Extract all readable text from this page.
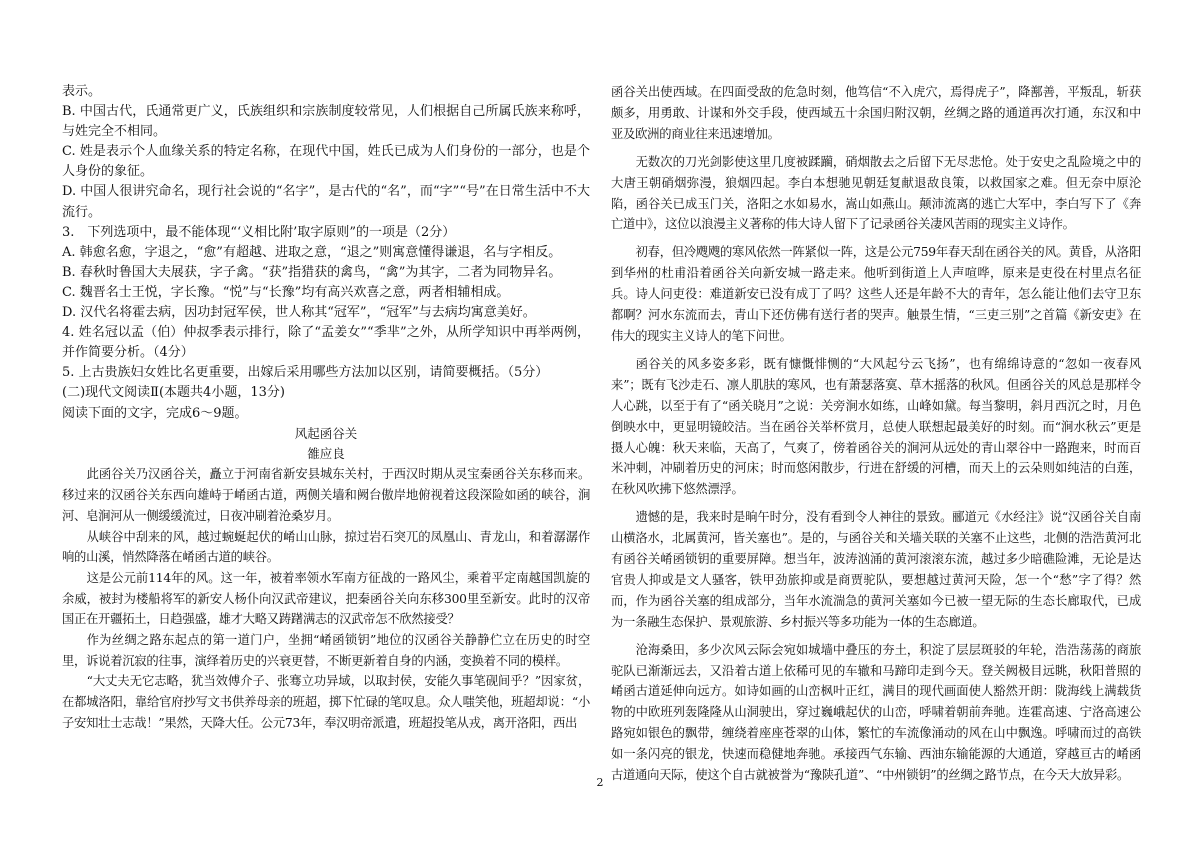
表示。

B. 中国古代，氏通常更广义，氏族组织和宗族制度较常见，人们根据自己所属氏族来称呼，与姓完全不相同。

C. 姓是表示个人血缘关系的特定名称，在现代中国，姓氏已成为人们身份的一部分，也是个人身份的象征。

D. 中国人很讲究命名，现行社会说的“名字”，是古代的“名”，而“字”“号”在日常生活中不大流行。

3.　下列选项中，最不能体现“‘义相比附’取字原则”的一项是（2分）

A. 韩愈名愈，字退之，“愈”有超越、进取之意，“退之”则寓意懂得谦退，名与字相反。

B. 春秋时鲁国大夫展获，字子禽。“获”指猎获的禽鸟，“禽”为其字，二者为同物异名。

C. 魏晋名士王悦，字长豫。“悦”与“长豫”均有高兴欢喜之意，两者相辅相成。

D. 汉代名将霍去病，因功封冠军侯，世人称其“冠军”，“冠军”与去病均寓意美好。

4. 姓名冠以孟（伯）仲叔季表示排行，除了“孟姜女”“季芈”之外，从所学知识中再举两例，并作简要分析。（4分）

5. 上古贵族妇女姓比名更重要，出嫁后采用哪些方法加以区别，请简要概括。（5分）

(二)现代文阅读Ⅱ(本题共4小题，13分)

阅读下面的文字，完成6～9题。

风起函谷关

雒应良

此函谷关乃汉函谷关，矗立于河南省新安县城东关村，于西汉时期从灵宝秦函谷关东移而来。移过来的汉函谷关东西向雄峙于崤函古道，两侧关墙和阙台傲岸地俯视着这段深险如函的峡谷，涧河、皂涧河从一侧缓缓流过，日夜冲刷着沧桑岁月。

从峡谷中刮来的风，越过蜿蜒起伏的崤山山脉，掠过岩石突兀的凤凰山、青龙山，和着潺潺作响的山溪，悄然降落在崤函古道的峡谷。

这是公元前114年的风。这一年，被着率领水军南方征战的一路风尘，乘着平定南越国凯旋的余威，被封为楼船将军的新安人杨仆向汉武帝建议，把秦函谷关向东移300里至新安。此时的汉帝国正在开疆拓土，日趋强盛，雄才大略又踌躇满志的汉武帝怎不欣然接受？

作为丝绸之路东起点的第一道门户，坐拥“崤函锁钥”地位的汉函谷关静静伫立在历史的时空里，诉说着沉寂的往事，演绎着历史的兴衰更替，不断更新着自身的内涵，变换着不同的模样。

“大丈夫无它志略，犹当效傅介子、张骞立功异域，以取封侯，安能久事笔砚间乎？”因家贫，在都城洛阳，靠给官府抄写文书供养母亲的班超，掷下忙碌的笔叹息。众人嗤笑他，班超却说：“小子安知壮士志哉！”果然，天降大任。公元73年，奉汉明帝派遣，班超投笔从戎，离开洛阳，西出

函谷关出使西域。在四面受敌的危急时刻，他笃信“不入虎穴，焉得虎子”，降鄯善，平叛乱，斩获颇多，用勇敢、计谋和外交手段，使西域五十余国归附汉朝，丝绸之路的通道再次打通，东汉和中亚及欧洲的商业往来迅速增加。

无数次的刀光剑影使这里几度被蹂躏，硝烟散去之后留下无尽悲怆。处于安史之乱险境之中的大唐王朝硝烟弥漫，狼烟四起。李白本想驰见朝廷复献退敌良策，以救国家之难。但无奈中原沦陷，函谷关已成玉门关，洛阳之水如易水，嵩山如燕山。颠沛流离的逃亡大军中，李白写下了《奔亡道中》，这位以浪漫主义著称的伟大诗人留下了记录函谷关凄风苦雨的现实主义诗作。

初春，但冷飕飕的寒风依然一阵紧似一阵，这是公元759年春天刮在函谷关的风。黄昏，从洛阳到华州的杜甫沿着函谷关向新安城一路走来。他听到街道上人声喧哗，原来是吏役在村里点名征兵。诗人问吏役：难道新安已没有成丁了吗？这些人还是年龄不大的青年，怎么能让他们去守卫东都啊？河水东流而去，青山下还仿佛有送行者的哭声。触景生情，“三吏三别”之首篇《新安吏》在伟大的现实主义诗人的笔下问世。

函谷关的风多姿多彩，既有慷慨悱恻的“大风起兮云飞扬”，也有绵绵诗意的“忽如一夜春风来”；既有飞沙走石、凛人肌肤的寒风，也有萧瑟落寞、草木摇落的秋风。但函谷关的风总是那样令人心跳，以至于有了“函关晓月”之说：关旁涧水如练，山峰如黛。每当黎明，斜月西沉之时，月色倒映水中，更显明镜皎洁。当在函谷关举杯赏月，总使人联想起最美好的时刻。而“涧水秋云”更是摄人心魄：秋天来临，天高了，气爽了，傍着函谷关的涧河从远处的青山翠谷中一路跑来，时而百米冲刺，冲刷着历史的河床；时而悠闲散步，行进在舒缓的河槽，而天上的云朵则如纯洁的白莲，在秋风吹拂下悠然漂浮。

遗憾的是，我来时是晌午时分，没有看到令人神往的景致。郦道元《水经注》说“汉函谷关自南山横洛水，北属黄河，皆关塞也”。是的，与函谷关和关墙关联的关塞不止这些，北侧的浩浩黄河北有函谷关崤函锁钥的重要屏障。想当年，波涛汹涌的黄河滚滚东流，越过多少暗礁险滩，无论是达官贵人抑或是文人骚客，铁甲劲旅抑或是商贾驼队，要想越过黄河天险，怎一个“愁”字了得？然而，作为函谷关塞的组成部分，当年水流湍急的黄河关塞如今已被一望无际的生态长廊取代，已成为一条融生态保护、景观旅游、乡村振兴等多功能为一体的生态廊道。

沧海桑田，多少次风云际会宛如城墙中叠压的夯土，积淀了层层斑驳的年轮，浩浩荡荡的商旅驼队已渐渐远去，又沿着古道上依稀可见的车辙和马蹄印走到今天。登关阙极目远眺，秋阳普照的崤函古道延伸向远方。如诗如画的山峦枫叶正红，满目的现代画面使人豁然开朗：陇海线上满载货物的中欧班列轰隆隆从山洞驶出，穿过巍峨起伏的山峦，呼啸着朝前奔驰。连霍高速、宁洛高速公路宛如银色的飘带，缠绕着座座苍翠的山体，繁忙的车流像涌动的风在山中飘逸。呼啸而过的高铁如一条闪亮的银龙，快速而稳健地奔驰。承接西气东输、西油东输能源的大通道，穿越亘古的崤函古道通向天际，使这个自古就被誉为“豫陕孔道”、“中州锁钥”的丝绸之路节点，在今天大放异彩。

2
